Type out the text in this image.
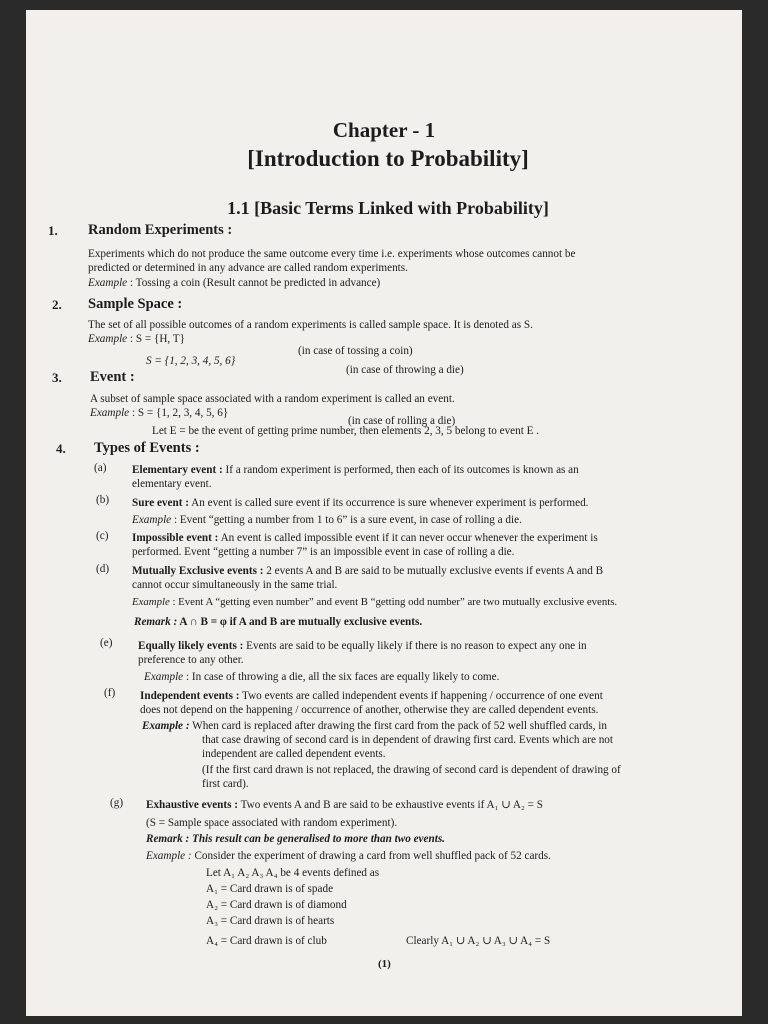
Chapter - 1
[Introduction to Probability]
1.1 [Basic Terms Linked with Probability]
1. Random Experiments :
Experiments which do not produce the same outcome every time i.e. experiments whose outcomes cannot be
predicted or determined in any advance are called random experiments.
Example : Tossing a coin (Result cannot be predicted in advance)
2. Sample Space :
The set of all possible outcomes of a random experiments is called sample space. It is denoted as S.
Example : S = {H, T}
(in case of tossing a coin)
S = {1, 2, 3, 4, 5, 6}
(in case of throwing a die)
3. Event :
A subset of sample space associated with a random experiment is called an event.
Example : S = {1, 2, 3, 4, 5, 6}
(in case of rolling a die)
Let E = be the event of getting prime number, then elements 2, 3, 5 belong to event E .
4. Types of Events :
(a) Elementary event : If a random experiment is performed, then each of its outcomes is known as an
elementary event.
(b) Sure event : An event is called sure event if its occurrence is sure whenever experiment is performed.
Example : Event “getting a number from 1 to 6” is a sure event, in case of rolling a die.
(c) Impossible event : An event is called impossible event if it can never occur whenever the experiment is
performed. Event “getting a number 7” is an impossible event in case of rolling a die.
(d) Mutually Exclusive events : 2 events A and B are said to be mutually exclusive events if events A and B
cannot occur simultaneously in the same trial.
Example : Event A “getting even number” and event B “getting odd number” are two mutually exclusive events.
Remark : A ∩ B = φ if A and B are mutually exclusive events.
(e) Equally likely events : Events are said to be equally likely if there is no reason to expect any one in
preference to any other.
Example : In case of throwing a die, all the six faces are equally likely to come.
(f) Independent events : Two events are called independent events if happening / occurrence of one event
does not depend on the happening / occurrence of another, otherwise they are called dependent events.
Example : When card is replaced after drawing the first card from the pack of 52 well shuffled cards, in
that case drawing of second card is in dependent of drawing first card. Events which are not
independent are called dependent events.
(If the first card drawn is not replaced, the drawing of second card is dependent of drawing of
first card).
(g) Exhaustive events : Two events A and B are said to be exhaustive events if A₁ ∪ A₂ = S
(S = Sample space associated with random experiment).
Remark : This result can be generalised to more than two events.
Example : Consider the experiment of drawing a card from well shuffled pack of 52 cards.
Let A₁ A₂ A₃ A₄ be 4 events defined as
A₁ = Card drawn is of spade
A₂ = Card drawn is of diamond
A₃ = Card drawn is of hearts
A₄ = Card drawn is of club	Clearly A₁ ∪ A₂ ∪ A₃ ∪ A₄ = S
(1)
